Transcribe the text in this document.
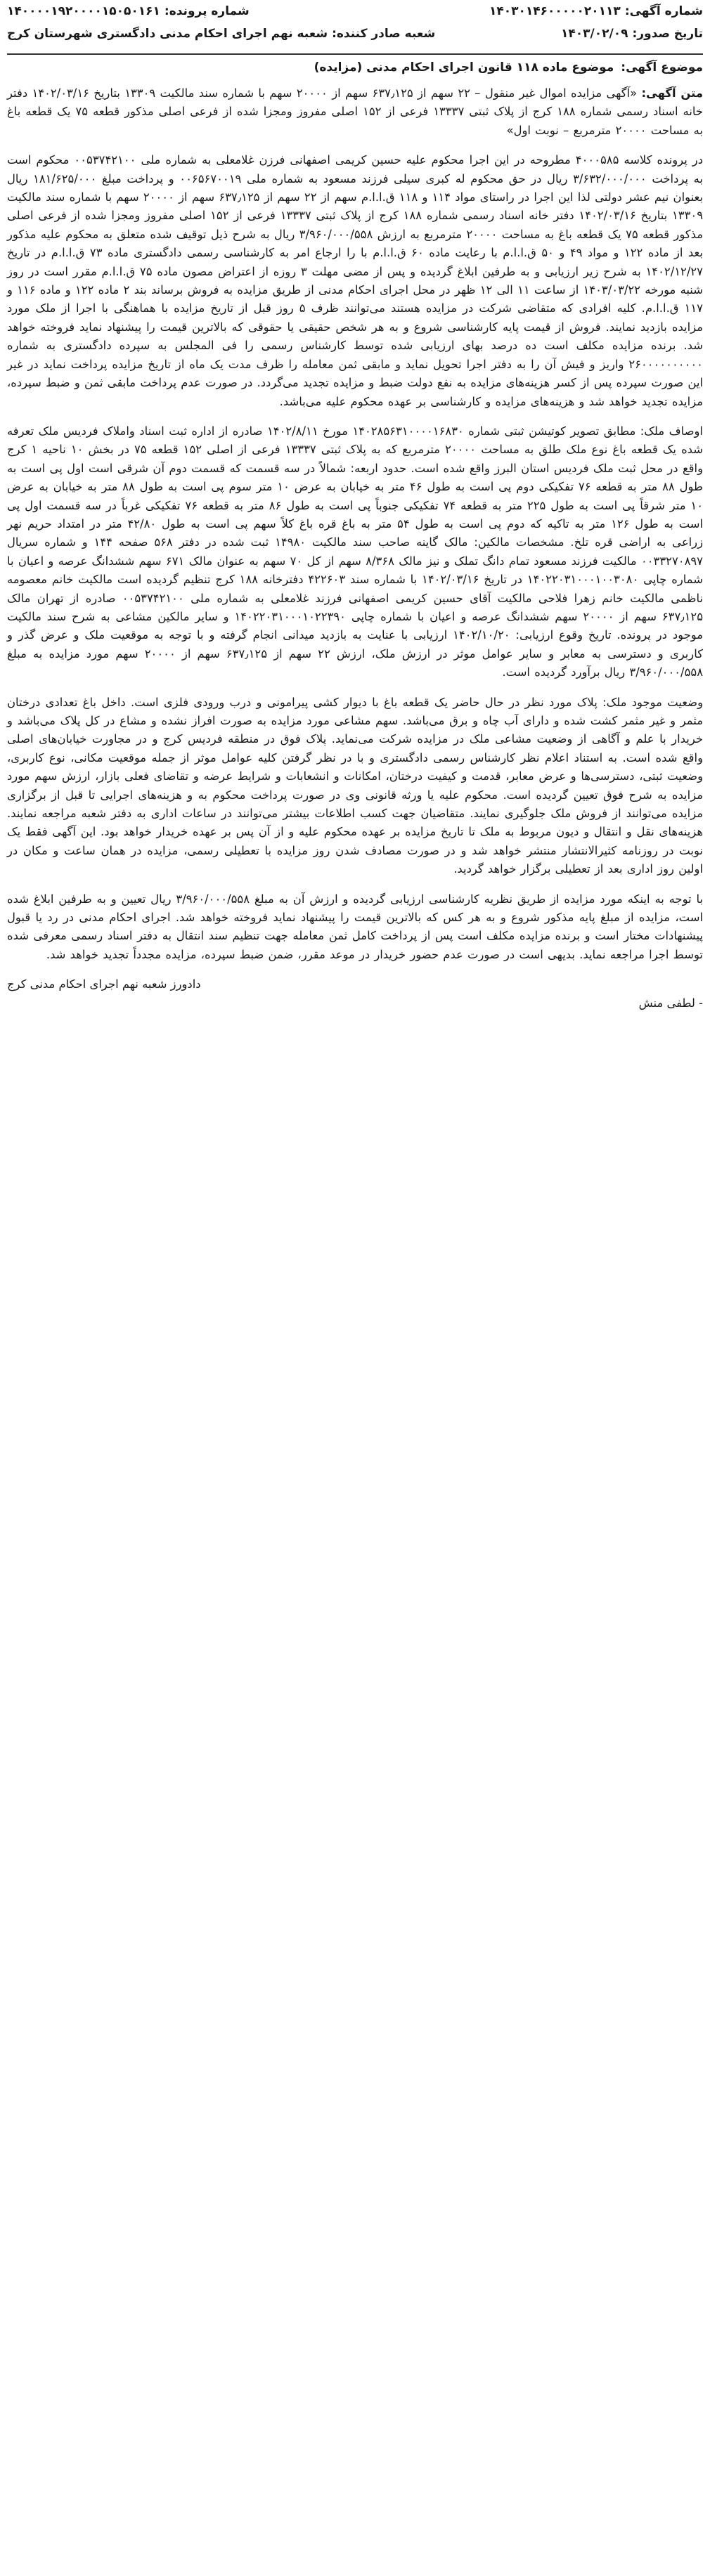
شماره آگهی:
۱۴۰۳۰۱۴۶۰۰۰۰۰۲۰۱۱۳
شماره پرونده:
۱۴۰۰۰۰۱۹۲۰۰۰۰۱۵۰۵۰۱۶۱
تاریخ صدور:
۱۴۰۳/۰۲/۰۹
شعبه صادر کننده:
شعبه نهم اجرای احکام مدنی دادگستری شهرستان کرج
موضوع آگهی:
موضوع ماده ۱۱۸ قانون اجرای احکام مدنی (مزایده)

متن آگهی: «آگهی مزایده اموال غیر منقول – ۲۲ سهم از ۶۳۷٫۱۲۵ سهم از ۲۰۰۰۰ سهم با شماره سند مالکیت ۱۳۳۰۹ بتاریخ ۱۴۰۲/۰۳/۱۶ دفتر خانه اسناد رسمی شماره ۱۸۸ کرج از پلاک ثبتی ۱۳۳۳۷ فرعی از ۱۵۲ اصلی مفروز ومجزا شده از فرعی اصلی مذکور قطعه ۷۵ یک قطعه باغ به مساحت ۲۰۰۰۰ مترمربع – نوبت اول»

در پرونده کلاسه ۴۰۰۰۵۸۵ مطروحه در این اجرا محکوم علیه حسین کریمی اصفهانی فرزن غلامعلی به شماره ملی ۰۰۵۳۷۴۲۱۰۰ محکوم است به پرداخت ۳/۶۳۲/۰۰۰/۰۰۰ ریال در حق محکوم له کبری سیلی فرزند مسعود به شماره ملی ۰۰۶۵۶۷۰۰۱۹ و پرداخت مبلغ ۱۸۱/۶۲۵/۰۰۰ ریال بعنوان نیم عشر دولتی لذا این اجرا در راستای مواد ۱۱۴ و ۱۱۸ ق.ا.ا.م سهم از ۲۲ سهم از ۶۳۷٫۱۲۵ سهم از ۲۰۰۰۰ سهم با شماره سند مالکیت ۱۳۳۰۹ بتاریخ ۱۴۰۲/۰۳/۱۶ دفتر خانه اسناد رسمی شماره ۱۸۸ کرج از پلاک ثبتی ۱۳۳۳۷ فرعی از ۱۵۲ اصلی مفروز ومجزا شده از فرعی اصلی مذکور قطعه ۷۵ یک قطعه باغ به مساحت ۲۰۰۰۰ مترمربع به ارزش ۳/۹۶۰/۰۰۰/۵۵۸ ریال به شرح ذیل توقیف شده متعلق به محکوم علیه مذکور بعد از ماده ۱۲۲ و مواد ۴۹ و ۵۰ ق.ا.ا.م با رعایت ماده ۶۰ ق.ا.ا.م با را ارجاع امر به کارشناسی رسمی دادگستری ماده ۷۳ ق.ا.ا.م در تاریخ ۱۴۰۲/۱۲/۲۷ به شرح زیر ارزیابی و به طرفین ابلاغ گردیده و پس از مضی مهلت ۳ روزه از اعتراض مصون ماده ۷۵ ق.ا.ا.م مقرر است در روز شنبه مورخه ۱۴۰۳/۰۳/۲۲ از ساعت ۱۱ الی ۱۲ ظهر در محل اجرای احکام مدنی از طریق مزایده به فروش برساند بند ۲ ماده ۱۲۲ و ماده ۱۱۶ و ۱۱۷ ق.ا.ا.م. کلیه افرادی که متقاضی شرکت در مزایده هستند می‌توانند ظرف ۵ روز قبل از تاریخ مزایده با هماهنگی با اجرا از ملک مورد مزایده بازدید نمایند. فروش از قیمت پایه کارشناسی شروع و به هر شخص حقیقی یا حقوقی که بالاترین قیمت را پیشنهاد نماید فروخته خواهد شد. برنده مزایده مکلف است ده درصد بهای ارزیابی شده توسط کارشناس رسمی را فی المجلس به سپرده دادگستری به شماره ۲۶۰۰۰۰۰۰۰۰۰۰ واریز و فیش آن را به دفتر اجرا تحویل نماید و مابقی ثمن معامله را ظرف مدت یک ماه از تاریخ مزایده پرداخت نماید در غیر این صورت سپرده پس از کسر هزینه‌های مزایده به نفع دولت ضبط و مزایده تجدید می‌گردد. در صورت عدم پرداخت مابقی ثمن و ضبط سپرده، مزایده تجدید خواهد شد و هزینه‌های مزایده و کارشناسی بر عهده محکوم علیه می‌باشد.

اوصاف ملک: مطابق تصویر کوتیشن ثبتی شماره ۱۴۰۲۸۵۶۳۱۰۰۰۰۱۶۸۳۰ مورخ ۱۴۰۲/۸/۱۱ صادره از اداره ثبت اسناد واملاک فردیس ملک تعرفه شده یک قطعه باغ نوع ملک طلق به مساحت ۲۰۰۰۰ مترمربع که به پلاک ثبتی ۱۳۳۳۷ فرعی از اصلی ۱۵۲ قطعه ۷۵ در بخش ۱۰ ناحیه ۱ کرج واقع در محل ثبت ملک فردیس استان البرز واقع شده است. حدود اربعه: شمالاً در سه قسمت که قسمت دوم آن شرقی است اول پی است به طول ۸۸ متر به قطعه ۷۶ تفکیکی دوم پی است به طول ۴۶ متر به خیابان به عرض ۱۰ متر سوم پی است به طول ۸۸ متر به خیابان به عرض ۱۰ متر شرقاً پی است به طول ۲۲۵ متر به قطعه ۷۴ تفکیکی جنوباً پی است به طول ۸۶ متر به قطعه ۷۶ تفکیکی غرباً در سه قسمت اول پی است به طول ۱۲۶ متر به تاکیه که دوم پی است به طول ۵۴ متر به باغ قره باغ کلاً سهم پی است به طول ۴۲/۸۰ متر در امتداد حریم نهر زراعی به اراضی قره تلخ. مشخصات مالکین: مالک گاینه صاحب سند مالکیت ۱۴۹۸۰ ثبت شده در دفتر ۵۶۸ صفحه ۱۴۴ و شماره سریال ۰۰۳۳۲۷۰۸۹۷ مالکیت فرزند مسعود تمام دانگ تملک و نیز مالک ۸/۳۶۸ سهم از کل ۷۰ سهم به عنوان مالک ۶۷۱ سهم ششدانگ عرصه و اعیان با شماره چاپی ۱۴۰۲۲۰۳۱۰۰۰۱۰۰۳۰۸۰ در تاریخ ۱۴۰۲/۰۳/۱۶ با شماره سند ۴۲۲۶۰۳ دفترخانه ۱۸۸ کرج تنظیم گردیده است مالکیت خانم معصومه ناظمی مالکیت خانم زهرا فلاحی مالکیت آقای حسین کریمی اصفهانی فرزند غلامعلی به شماره ملی ۰۰۵۳۷۴۲۱۰۰ صادره از تهران مالک ۶۳۷٫۱۲۵ سهم از ۲۰۰۰۰ سهم ششدانگ عرصه و اعیان با شماره چاپی ۱۴۰۲۲۰۳۱۰۰۰۱۰۲۲۳۹۰ و سایر مالکین مشاعی به شرح سند مالکیت موجود در پرونده. تاریخ وقوع ارزیابی: ۱۴۰۲/۱۰/۲۰ ارزیابی با عنایت به بازدید میدانی انجام گرفته و با توجه به موقعیت ملک و عرض گذر و کاربری و دسترسی به معابر و سایر عوامل موثر در ارزش ملک، ارزش ۲۲ سهم از ۶۳۷٫۱۲۵ سهم از ۲۰۰۰۰ سهم مورد مزایده به مبلغ ۳/۹۶۰/۰۰۰/۵۵۸ ریال برآورد گردیده است.

وضعیت موجود ملک: پلاک مورد نظر در حال حاضر یک قطعه باغ با دیوار کشی پیرامونی و درب ورودی فلزی است. داخل باغ تعدادی درختان مثمر و غیر مثمر کشت شده و دارای آب چاه و برق می‌باشد. سهم مشاعی مورد مزایده به صورت افراز نشده و مشاع در کل پلاک می‌باشد و خریدار با علم و آگاهی از وضعیت مشاعی ملک در مزایده شرکت می‌نماید. پلاک فوق در منطقه فردیس کرج و در مجاورت خیابان‌های اصلی واقع شده است. به استناد اعلام نظر کارشناس رسمی دادگستری و با در نظر گرفتن کلیه عوامل موثر از جمله موقعیت مکانی، نوع کاربری، وضعیت ثبتی، دسترسی‌ها و عرض معابر، قدمت و کیفیت درختان، امکانات و انشعابات و شرایط عرضه و تقاضای فعلی بازار، ارزش سهم مورد مزایده به شرح فوق تعیین گردیده است. محکوم علیه یا ورثه قانونی وی در صورت پرداخت محکوم به و هزینه‌های اجرایی تا قبل از برگزاری مزایده می‌توانند از فروش ملک جلوگیری نمایند. متقاضیان جهت کسب اطلاعات بیشتر می‌توانند در ساعات اداری به دفتر شعبه مراجعه نمایند. هزینه‌های نقل و انتقال و دیون مربوط به ملک تا تاریخ مزایده بر عهده محکوم علیه و از آن پس بر عهده خریدار خواهد بود. این آگهی فقط یک نوبت در روزنامه کثیرالانتشار منتشر خواهد شد و در صورت مصادف شدن روز مزایده با تعطیلی رسمی، مزایده در همان ساعت و مکان در اولین روز اداری بعد از تعطیلی برگزار خواهد گردید.

با توجه به اینکه مورد مزایده از طریق نظریه کارشناسی ارزیابی گردیده و ارزش آن به مبلغ ۳/۹۶۰/۰۰۰/۵۵۸ ریال تعیین و به طرفین ابلاغ شده است، مزایده از مبلغ پایه مذکور شروع و به هر کس که بالاترین قیمت را پیشنهاد نماید فروخته خواهد شد. اجرای احکام مدنی در رد یا قبول پیشنهادات مختار است و برنده مزایده مکلف است پس از پرداخت کامل ثمن معامله جهت تنظیم سند انتقال به دفتر اسناد رسمی معرفی شده توسط اجرا مراجعه نماید. بدیهی است در صورت عدم حضور خریدار در موعد مقرر، ضمن ضبط سپرده، مزایده مجدداً تجدید خواهد شد.

دادورز شعبه نهم اجرای احکام مدنی کرج

- لطفی منش
